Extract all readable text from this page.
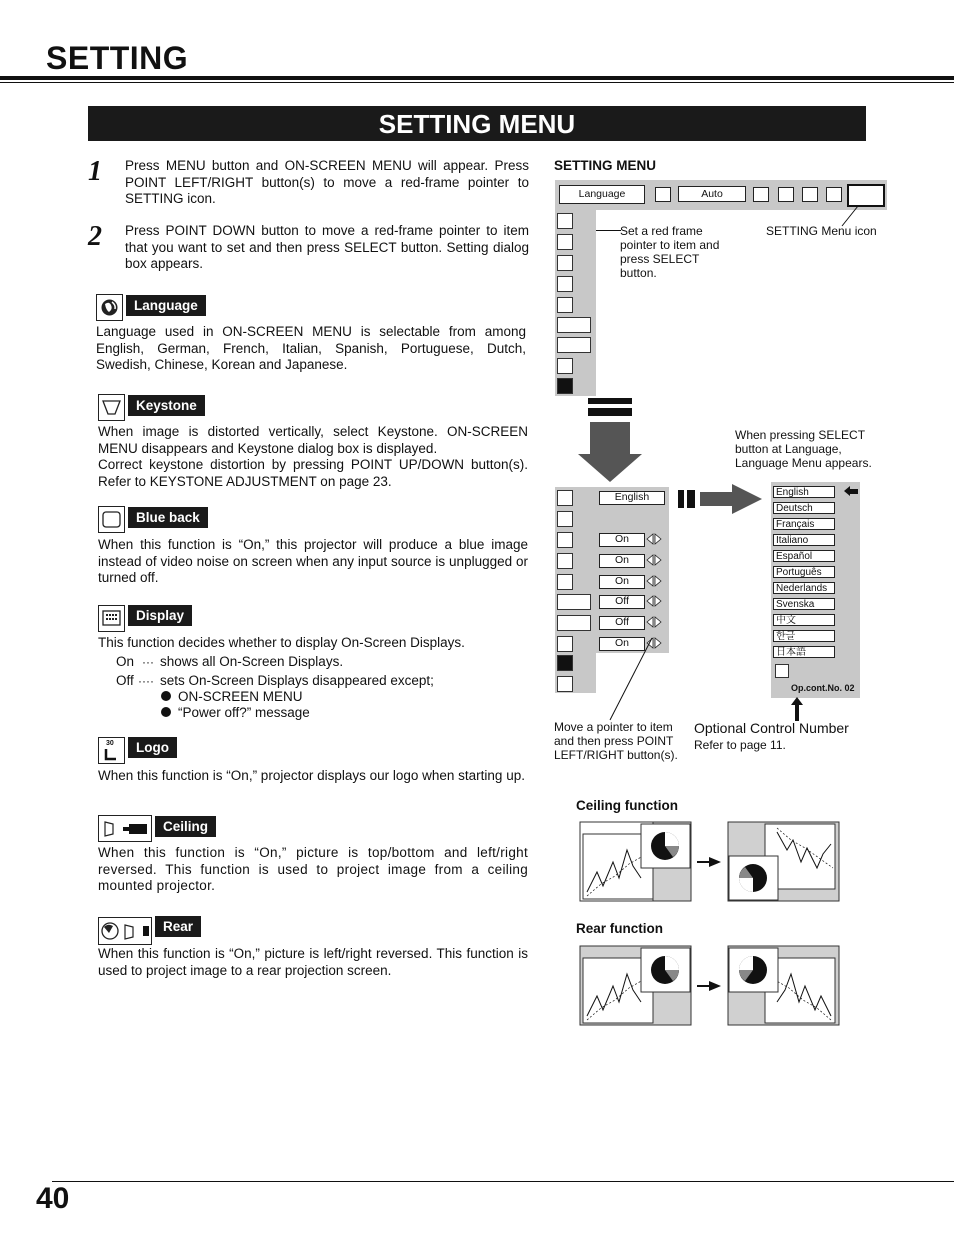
SETTING
SETTING MENU
1 Press MENU button and ON-SCREEN MENU will appear. Press POINT LEFT/RIGHT button(s) to move a red-frame pointer to SETTING icon.
2 Press POINT DOWN button to move a red-frame pointer to item that you want to set and then press SELECT button. Setting dialog box appears.
Language
Language used in ON-SCREEN MENU is selectable from among English, German, French, Italian, Spanish, Portuguese, Dutch, Swedish, Chinese, Korean and Japanese.
Keystone
When image is distorted vertically, select Keystone. ON-SCREEN MENU disappears and Keystone dialog box is displayed.
Correct keystone distortion by pressing POINT UP/DOWN button(s). Refer to KEYSTONE ADJUSTMENT on page 23.
Blue back
When this function is “On,” this projector will produce a blue image instead of video noise on screen when any input source is unplugged or turned off.
Display
This function decides whether to display On-Screen Displays.
On ··· shows all On-Screen Displays.
Off ···· sets On-Screen Displays disappeared except;
ON-SCREEN MENU
“Power off?” message
30	Logo
When this function is “On,” projector displays our logo when starting up.
Ceiling
When this function is “On,” picture is top/bottom and left/right reversed. This function is used to project image from a ceiling mounted projector.
Rear
When this function is “On,” picture is left/right reversed. This function is used to project image to a rear projection screen.
SETTING MENU
Language	Auto
Set a red frame pointer to item and press SELECT button.
SETTING Menu icon
When pressing SELECT button at Language, Language Menu appears.
English
On
On
On
Off
Off
On
English
Deutsch
Français
Italiano
Español
Português
Nederlands
Svenska
中文
한글
日本語
Op.cont.No. 02
Move a pointer to item and then press POINT LEFT/RIGHT button(s).
Optional Control Number
Refer to page 11.
Ceiling function
Rear function
40
